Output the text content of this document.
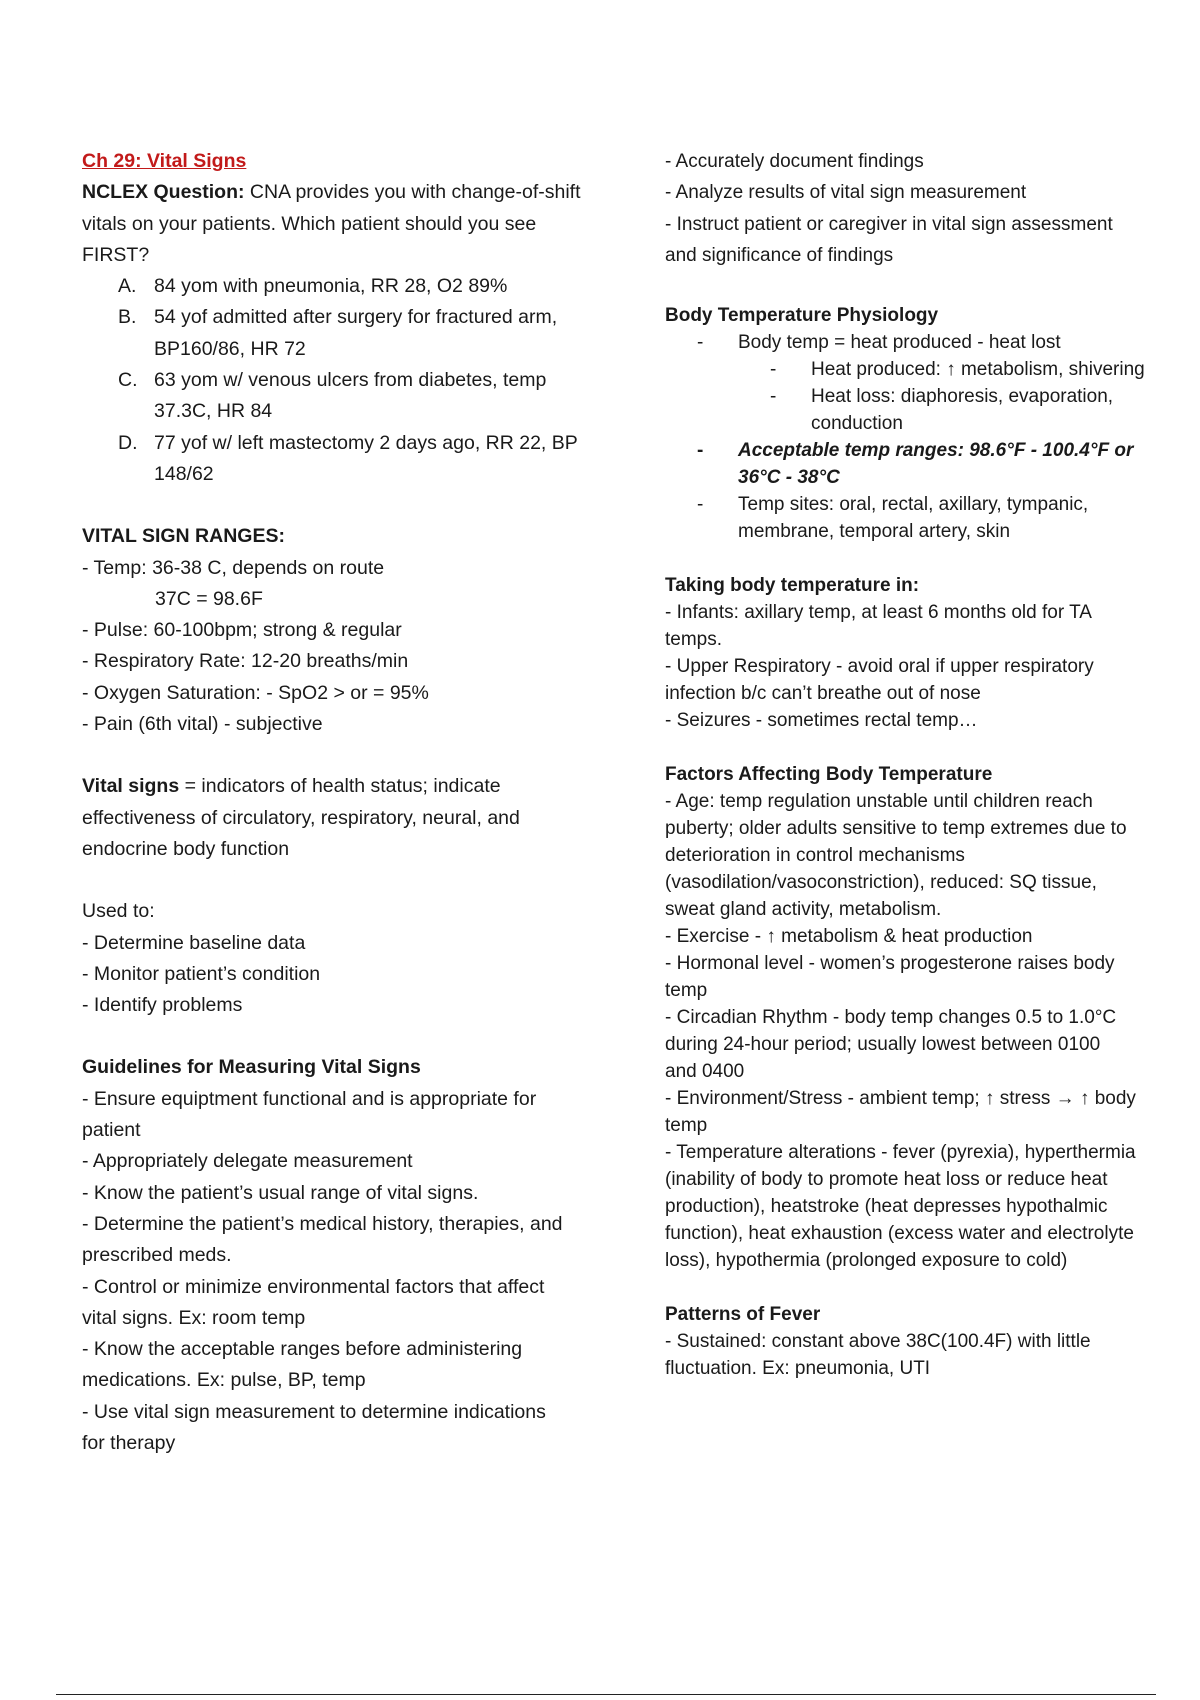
Ch 29: Vital Signs
NCLEX Question: CNA provides you with change-of-shift
vitals on your patients. Which patient should you see
FIRST?
A. 84 yom with pneumonia, RR 28, O2 89%
B. 54 yof admitted after surgery for fractured arm,
BP160/86, HR 72
C. 63 yom w/ venous ulcers from diabetes, temp
37.3C, HR 84
D. 77 yof w/ left mastectomy 2 days ago, RR 22, BP
148/62
VITAL SIGN RANGES:
- Temp: 36-38 C, depends on route
37C = 98.6F
- Pulse: 60-100bpm; strong & regular
- Respiratory Rate: 12-20 breaths/min
- Oxygen Saturation: - SpO2 > or = 95%
- Pain (6th vital) - subjective
Vital signs = indicators of health status; indicate
effectiveness of circulatory, respiratory, neural, and
endocrine body function
Used to:
- Determine baseline data
- Monitor patient’s condition
- Identify problems
Guidelines for Measuring Vital Signs
- Ensure equiptment functional and is appropriate for
patient
- Appropriately delegate measurement
- Know the patient’s usual range of vital signs.
- Determine the patient’s medical history, therapies, and
prescribed meds.
- Control or minimize environmental factors that affect
vital signs. Ex: room temp
- Know the acceptable ranges before administering
medications. Ex: pulse, BP, temp
- Use vital sign measurement to determine indications
for therapy
- Accurately document findings
- Analyze results of vital sign measurement
- Instruct patient or caregiver in vital sign assessment
and significance of findings
Body Temperature Physiology
-	Body temp = heat produced - heat lost
-	Heat produced: ↑ metabolism, shivering
-	Heat loss: diaphoresis, evaporation,
conduction
-	Acceptable temp ranges: 98.6°F - 100.4°F or
36°C - 38°C
-	Temp sites: oral, rectal, axillary, tympanic,
membrane, temporal artery, skin
Taking body temperature in:
- Infants: axillary temp, at least 6 months old for TA
temps.
- Upper Respiratory - avoid oral if upper respiratory
infection b/c can’t breathe out of nose
- Seizures - sometimes rectal temp…
Factors Affecting Body Temperature
- Age: temp regulation unstable until children reach
puberty; older adults sensitive to temp extremes due to
deterioration in control mechanisms
(vasodilation/vasoconstriction), reduced: SQ tissue,
sweat gland activity, metabolism.
- Exercise - ↑ metabolism & heat production
- Hormonal level - women’s progesterone raises body
temp
- Circadian Rhythm - body temp changes 0.5 to 1.0°C
during 24-hour period; usually lowest between 0100
and 0400
- Environment/Stress - ambient temp; ↑ stress → ↑ body
temp
- Temperature alterations - fever (pyrexia), hyperthermia
(inability of body to promote heat loss or reduce heat
production), heatstroke (heat depresses hypothalmic
function), heat exhaustion (excess water and electrolyte
loss), hypothermia (prolonged exposure to cold)
Patterns of Fever
- Sustained: constant above 38C(100.4F) with little
fluctuation. Ex: pneumonia, UTI
